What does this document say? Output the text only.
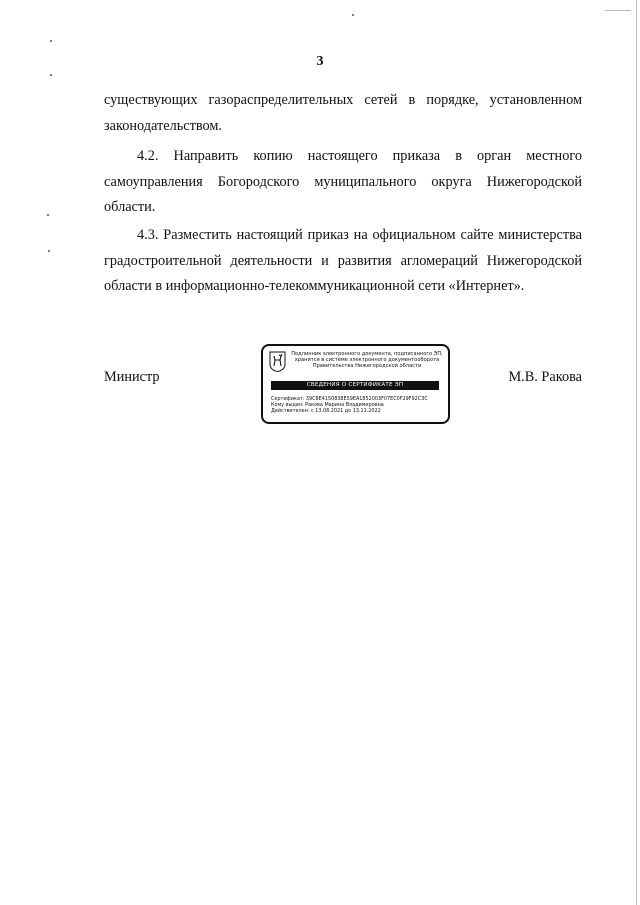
3

существующих газораспределительных сетей в порядке, установленном законодательством.

4.2. Направить копию настоящего приказа в орган местного самоуправления Богородского муниципального округа Нижегородской области.

4.3. Разместить настоящий приказ на официальном сайте министерства градостроительной деятельности и развития агломераций Нижегородской области в информационно-телекоммуникационной сети «Интернет».

Министр
Подлинник электронного документа, подписанного ЭП,
хранится в системе электронного документооборота
Правительства Нижегородской области
СВЕДЕНИЯ О СЕРТИФИКАТЕ ЭП
Сертификат: 39C8E4150838E59EA1852003F07EC0F29F92C3C
Кому выдан: Ракова Марина Владимировна
Действителен: с 13.08.2021 до 13.11.2022
М.В. Ракова
